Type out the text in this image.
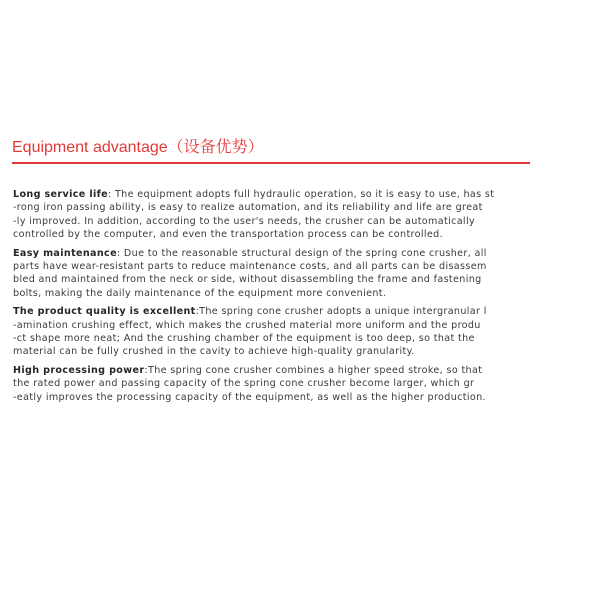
Equipment advantage（设备优势）

Long service life: The equipment adopts full hydraulic operation, so it is easy to use, has st
-rong iron passing ability, is easy to realize automation, and its reliability and life are great
-ly improved. In addition, according to the user's needs, the crusher can be automatically
controlled by the computer, and even the transportation process can be controlled.

Easy maintenance: Due to the reasonable structural design of the spring cone crusher, all
parts have wear-resistant parts to reduce maintenance costs, and all parts can be disassem
bled and maintained from the neck or side, without disassembling the frame and fastening
bolts, making the daily maintenance of the equipment more convenient.

The product quality is excellent:The spring cone crusher adopts a unique intergranular l
-amination crushing effect, which makes the crushed material more uniform and the produ
-ct shape more neat; And the crushing chamber of the equipment is too deep, so that the
material can be fully crushed in the cavity to achieve high-quality granularity.

High processing power:The spring cone crusher combines a higher speed stroke, so that
the rated power and passing capacity of the spring cone crusher become larger, which gr
-eatly improves the processing capacity of the equipment, as well as the higher production.
